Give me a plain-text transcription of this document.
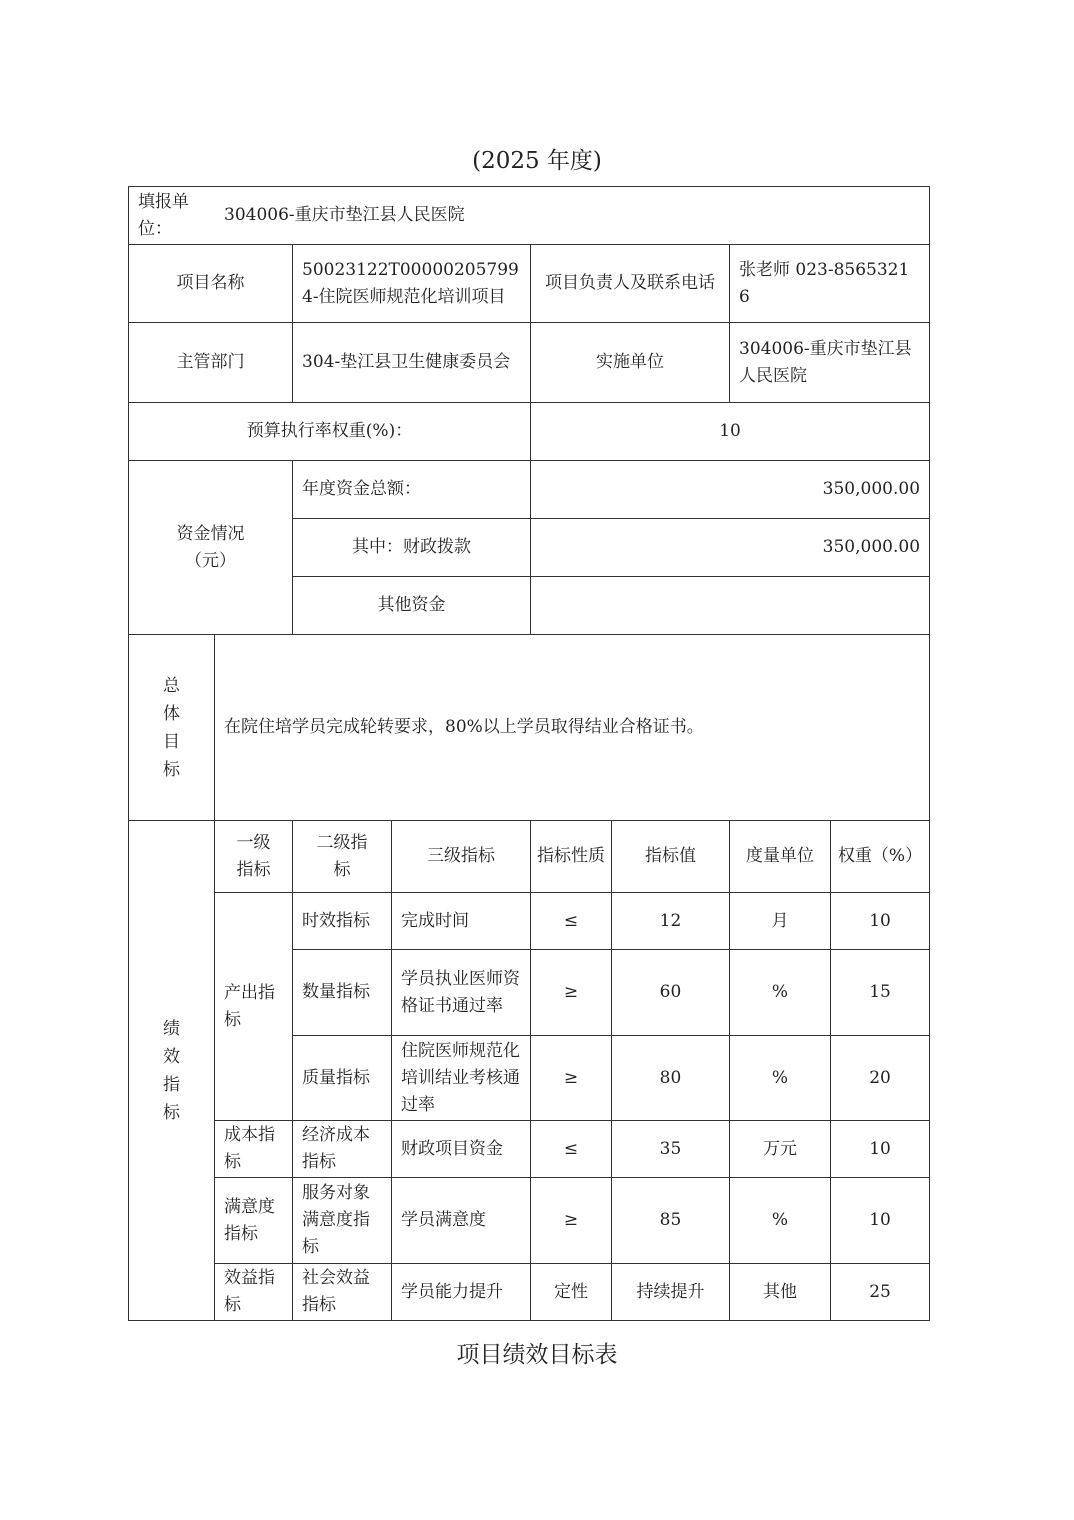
(2025 年度)
填报单位：
304006-重庆市垫江县人民医院							

项目名称		50023122T000002057994-住院医师规范化培训项目		项目负责人及联系电话		张老师 023-85653216	
主管部门		304-垫江县卫生健康委员会		实施单位		304006-重庆市垫江县人民医院	
预算执行率权重(%)：				10			
资金情况（元）		年度资金总额：		350,000.00			
		其中：财政拨款		350,000.00			
		其他资金					

总
体
目
标	在院住培学员完成轮转要求，80%以上学员取得结业合格证书。						

绩
效
指
标	一级指标	二级指标	三级指标	指标性质	指标值	度量单位	权重（%）
	产出指标	时效指标	完成时间	≤	12	月	10
		数量指标	学员执业医师资格证书通过率	≥	60	%	15
		质量指标	住院医师规范化培训结业考核通过率	≥	80	%	20
	成本指标	经济成本指标	财政项目资金	≤	35	万元	10
	满意度指标	服务对象满意度指标	学员满意度	≥	85	%	10
	效益指标	社会效益指标	学员能力提升	定性	持续提升	其他	25
项目绩效目标表
